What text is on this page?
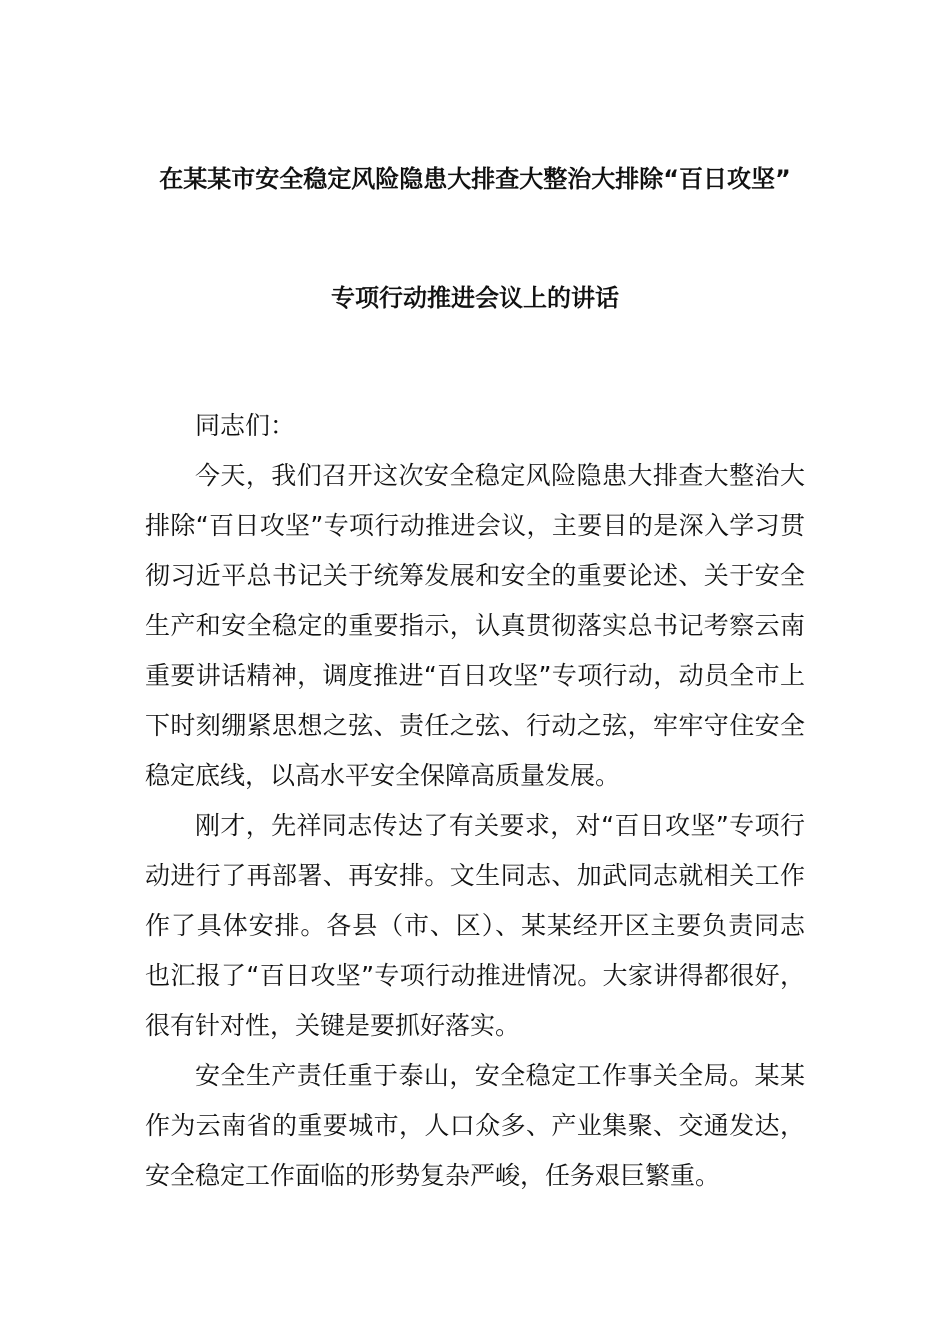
在某某市安全稳定风险隐患大排查大整治大排除“百日攻坚”
专项行动推进会议上的讲话

同志们：

今天，我们召开这次安全稳定风险隐患大排查大整治大排除“百日攻坚”专项行动推进会议，主要目的是深入学习贯彻习近平总书记关于统筹发展和安全的重要论述、关于安全生产和安全稳定的重要指示，认真贯彻落实总书记考察云南重要讲话精神，调度推进“百日攻坚”专项行动，动员全市上下时刻绷紧思想之弦、责任之弦、行动之弦，牢牢守住安全稳定底线，以高水平安全保障高质量发展。

刚才，先祥同志传达了有关要求，对“百日攻坚”专项行动进行了再部署、再安排。文生同志、加武同志就相关工作作了具体安排。各县（市、区）、某某经开区主要负责同志也汇报了“百日攻坚”专项行动推进情况。大家讲得都很好，很有针对性，关键是要抓好落实。

安全生产责任重于泰山，安全稳定工作事关全局。某某作为云南省的重要城市，人口众多、产业集聚、交通发达，安全稳定工作面临的形势复杂严峻，任务艰巨繁重。
